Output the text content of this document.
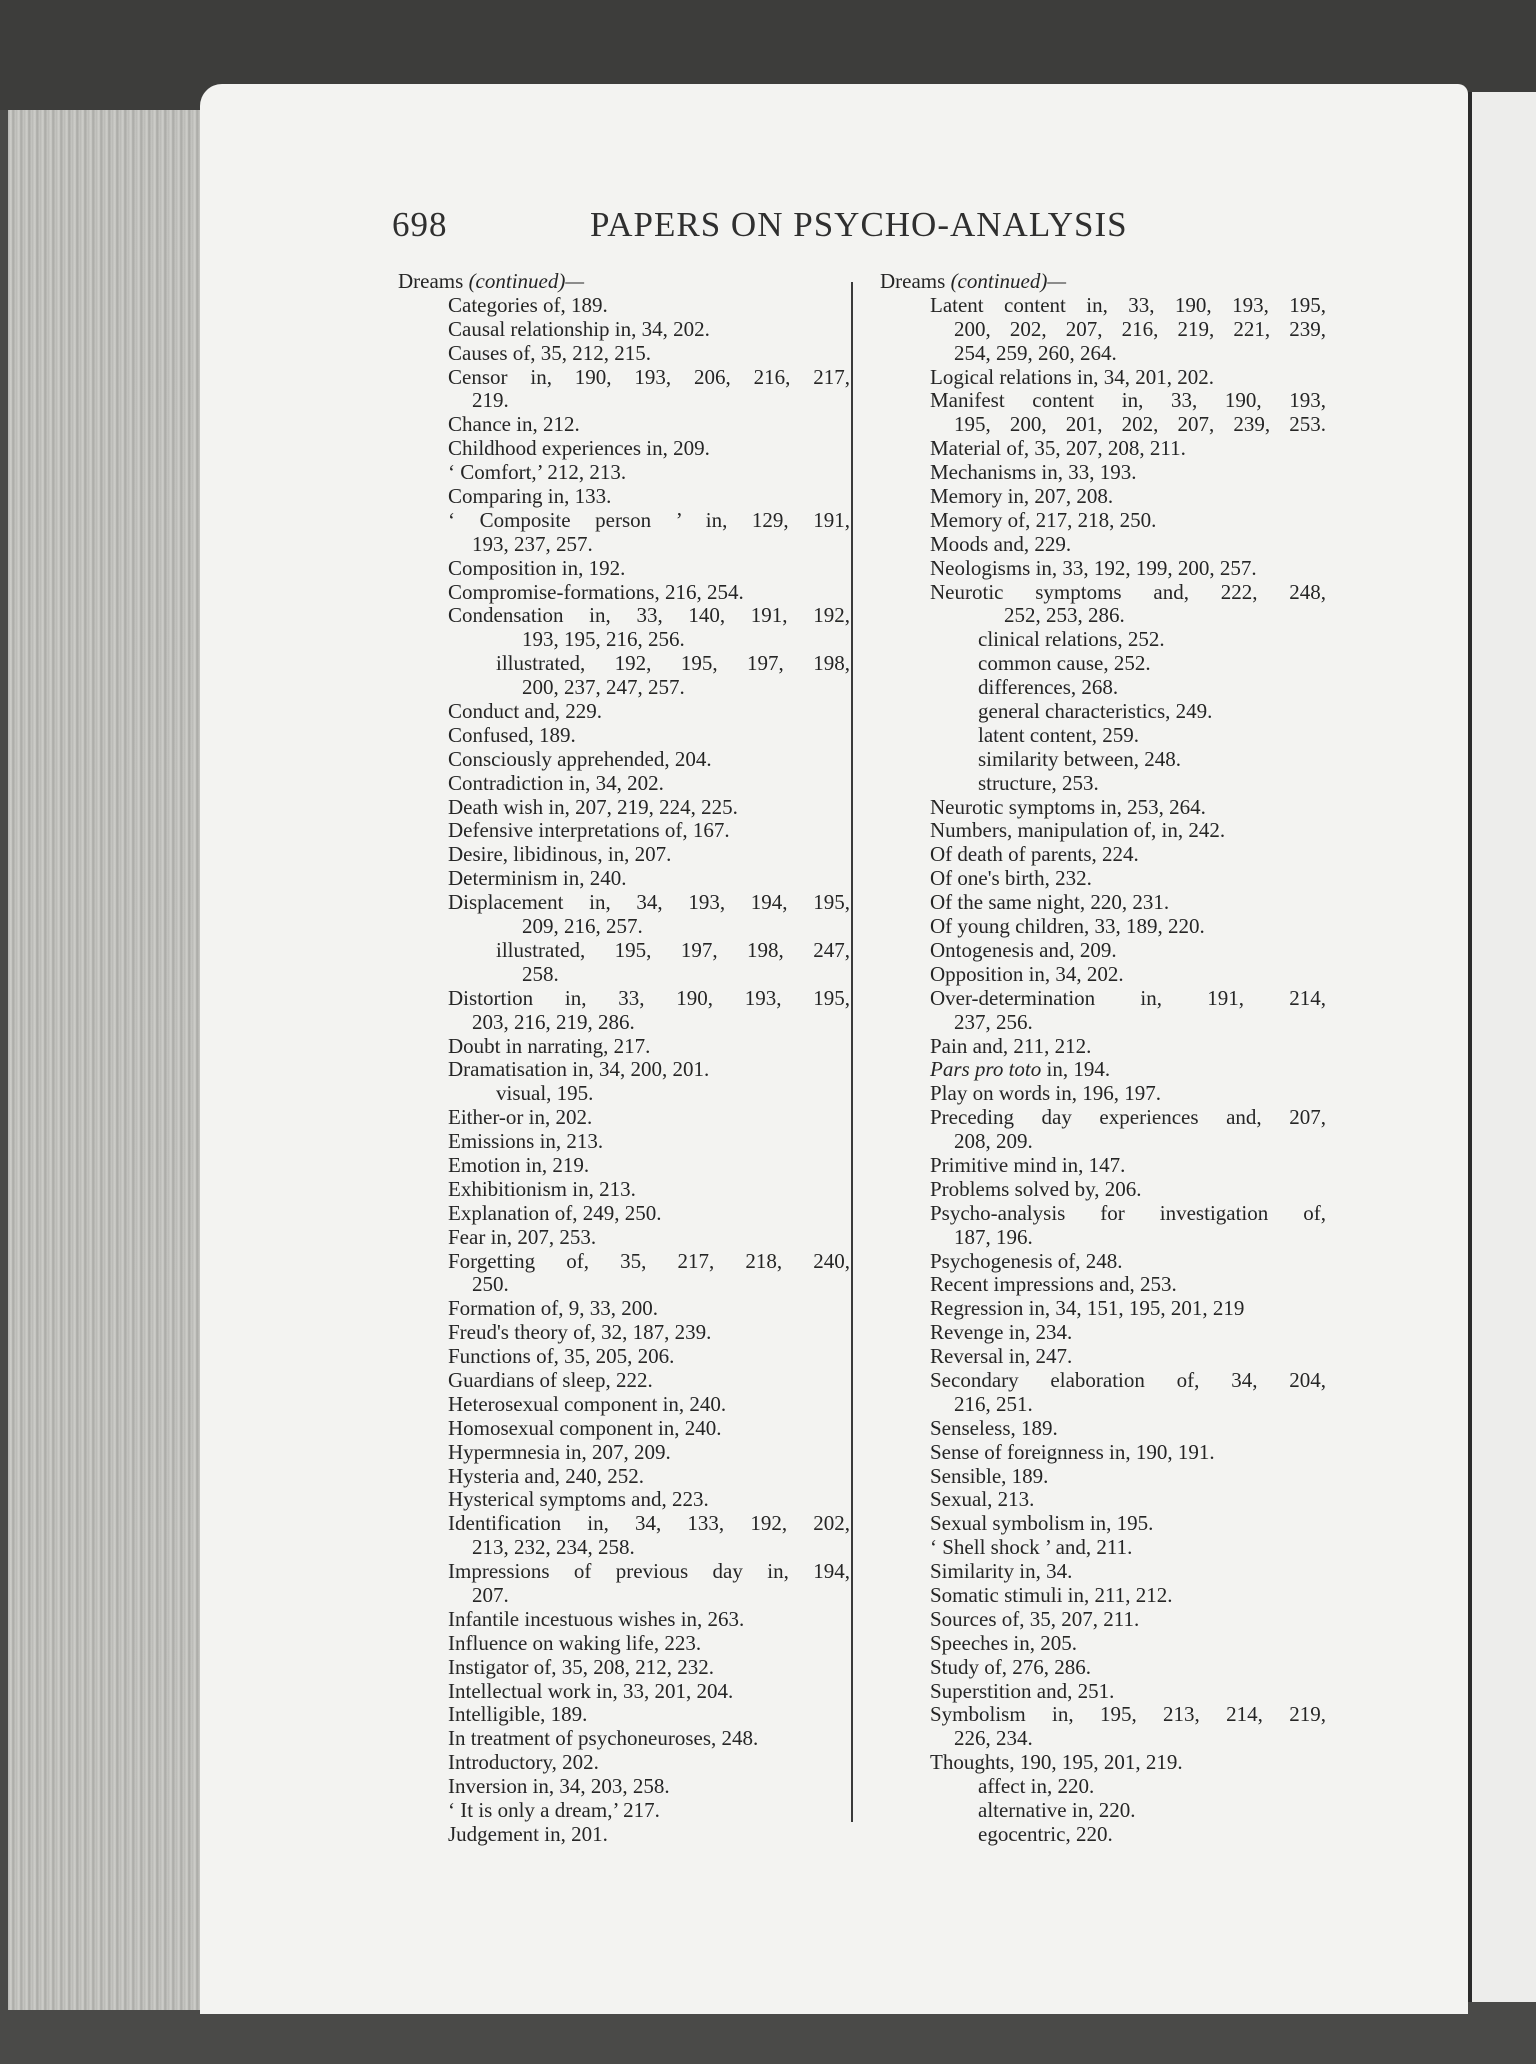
698	PAPERS ON PSYCHO-ANALYSIS
Dreams (continued)—
Categories of, 189.
Causal relationship in, 34, 202.
Causes of, 35, 212, 215.
Censor in, 190, 193, 206, 216, 217,
219.
Chance in, 212.
Childhood experiences in, 209.
‘ Comfort,’ 212, 213.
Comparing in, 133.
‘ Composite person ’ in, 129, 191,
193, 237, 257.
Composition in, 192.
Compromise-formations, 216, 254.
Condensation in, 33, 140, 191, 192,
193, 195, 216, 256.
illustrated, 192, 195, 197, 198,
200, 237, 247, 257.
Conduct and, 229.
Confused, 189.
Consciously apprehended, 204.
Contradiction in, 34, 202.
Death wish in, 207, 219, 224, 225.
Defensive interpretations of, 167.
Desire, libidinous, in, 207.
Determinism in, 240.
Displacement in, 34, 193, 194, 195,
209, 216, 257.
illustrated, 195, 197, 198, 247,
258.
Distortion in, 33, 190, 193, 195,
203, 216, 219, 286.
Doubt in narrating, 217.
Dramatisation in, 34, 200, 201.
visual, 195.
Either-or in, 202.
Emissions in, 213.
Emotion in, 219.
Exhibitionism in, 213.
Explanation of, 249, 250.
Fear in, 207, 253.
Forgetting of, 35, 217, 218, 240,
250.
Formation of, 9, 33, 200.
Freud's theory of, 32, 187, 239.
Functions of, 35, 205, 206.
Guardians of sleep, 222.
Heterosexual component in, 240.
Homosexual component in, 240.
Hypermnesia in, 207, 209.
Hysteria and, 240, 252.
Hysterical symptoms and, 223.
Identification in, 34, 133, 192, 202,
213, 232, 234, 258.
Impressions of previous day in, 194,
207.
Infantile incestuous wishes in, 263.
Influence on waking life, 223.
Instigator of, 35, 208, 212, 232.
Intellectual work in, 33, 201, 204.
Intelligible, 189.
In treatment of psychoneuroses, 248.
Introductory, 202.
Inversion in, 34, 203, 258.
‘ It is only a dream,’ 217.
Judgement in, 201.
Dreams (continued)—
Latent content in, 33, 190, 193, 195,
200, 202, 207, 216, 219, 221, 239,
254, 259, 260, 264.
Logical relations in, 34, 201, 202.
Manifest content in, 33, 190, 193,
195, 200, 201, 202, 207, 239, 253.
Material of, 35, 207, 208, 211.
Mechanisms in, 33, 193.
Memory in, 207, 208.
Memory of, 217, 218, 250.
Moods and, 229.
Neologisms in, 33, 192, 199, 200, 257.
Neurotic symptoms and, 222, 248,
252, 253, 286.
clinical relations, 252.
common cause, 252.
differences, 268.
general characteristics, 249.
latent content, 259.
similarity between, 248.
structure, 253.
Neurotic symptoms in, 253, 264.
Numbers, manipulation of, in, 242.
Of death of parents, 224.
Of one's birth, 232.
Of the same night, 220, 231.
Of young children, 33, 189, 220.
Ontogenesis and, 209.
Opposition in, 34, 202.
Over-determination in, 191, 214,
237, 256.
Pain and, 211, 212.
Pars pro toto in, 194.
Play on words in, 196, 197.
Preceding day experiences and, 207,
208, 209.
Primitive mind in, 147.
Problems solved by, 206.
Psycho-analysis for investigation of,
187, 196.
Psychogenesis of, 248.
Recent impressions and, 253.
Regression in, 34, 151, 195, 201, 219
Revenge in, 234.
Reversal in, 247.
Secondary elaboration of, 34, 204,
216, 251.
Senseless, 189.
Sense of foreignness in, 190, 191.
Sensible, 189.
Sexual, 213.
Sexual symbolism in, 195.
‘ Shell shock ’ and, 211.
Similarity in, 34.
Somatic stimuli in, 211, 212.
Sources of, 35, 207, 211.
Speeches in, 205.
Study of, 276, 286.
Superstition and, 251.
Symbolism in, 195, 213, 214, 219,
226, 234.
Thoughts, 190, 195, 201, 219.
affect in, 220.
alternative in, 220.
egocentric, 220.
